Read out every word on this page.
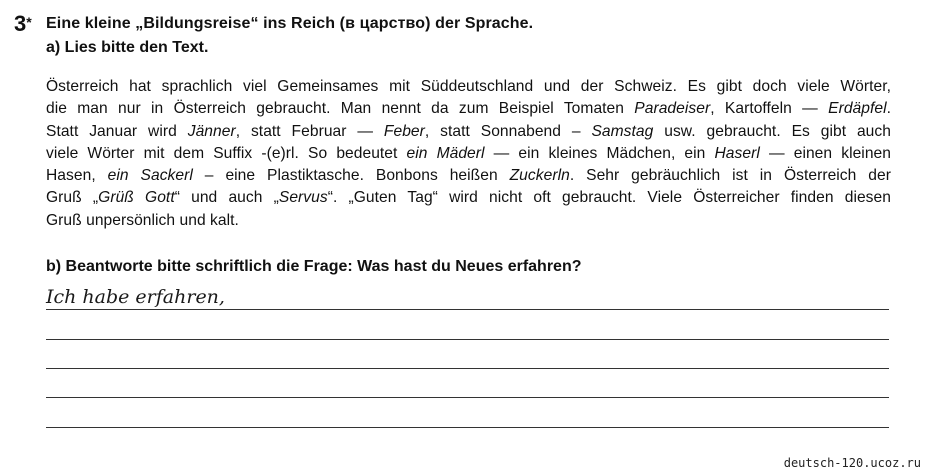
3* Eine kleine „Bildungsreise“ ins Reich (в царство) der Sprache.
a) Lies bitte den Text.
Österreich hat sprachlich viel Gemeinsames mit Süddeutschland und der Schweiz. Es gibt doch viele Wörter,
die man nur in Österreich gebraucht. Man nennt da zum Beispiel Tomaten Paradeiser, Kartoffeln — Erdäpfel.
Statt Januar wird Jänner, statt Februar — Feber, statt Sonnabend – Samstag usw. gebraucht. Es gibt auch
viele Wörter mit dem Suffix -(e)rl. So bedeutet ein Mäderl — ein kleines Mädchen, ein Haserl — einen kleinen
Hasen, ein Sackerl – eine Plastiktasche. Bonbons heißen Zuckerln. Sehr gebräuchlich ist in Österreich der
Gruß „Grüß Gott“ und auch „Servus“. „Guten Tag“ wird nicht oft gebraucht. Viele Österreicher finden diesen
Gruß unpersönlich und kalt.
b) Beantworte bitte schriftlich die Frage: Was hast du Neues erfahren?
Ich habe erfahren,
deutsch-120.ucoz.ru
